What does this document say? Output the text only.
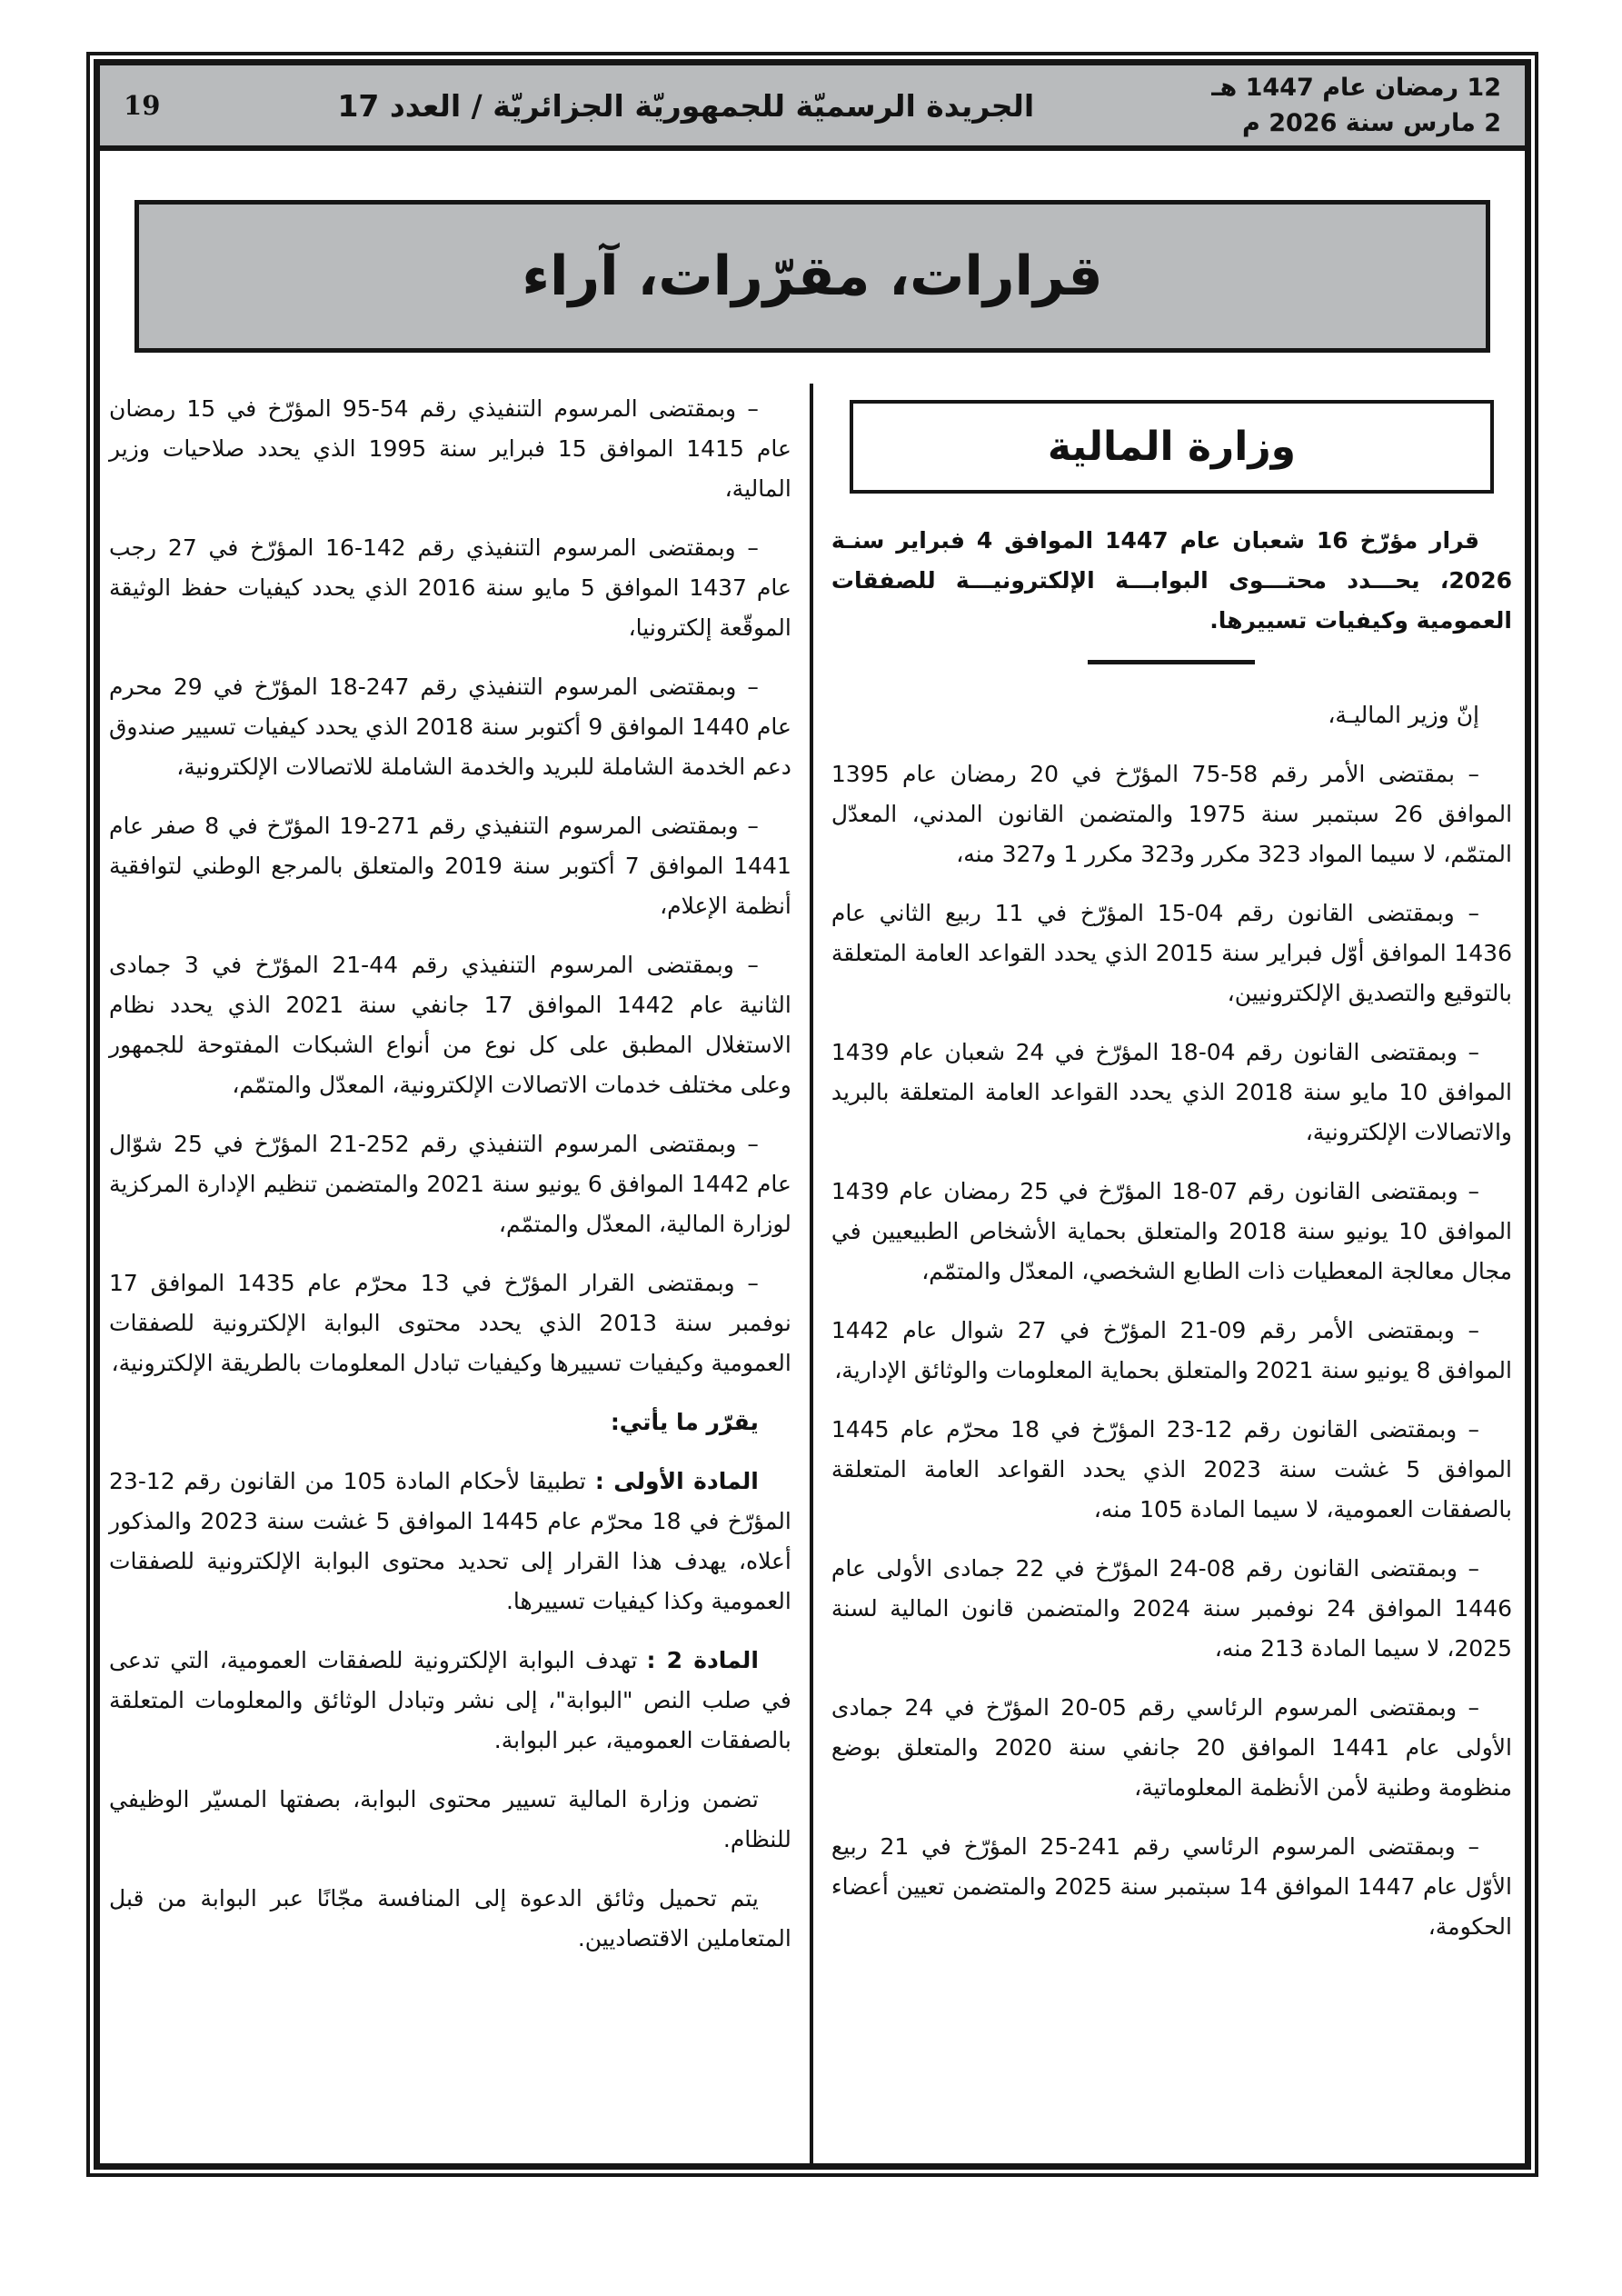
12 رمضان عام 1447 هـ
2 مارس سنة 2026 م
الجريدة الرسميّة للجمهوريّة الجزائريّة / العدد 17
19
قرارات، مقرّرات، آراء
وزارة المالية

قرار مؤرّخ 16 شعبان عام 1447 الموافق 4 فبراير سنـة 2026، يحـــدد محتـــوى البوابـــة الإلكترونيـــة للصفقات العمومية وكيفيات تسييرها.

إنّ وزير الماليـة،

– بمقتضى الأمر رقم 58-75 المؤرّخ في 20 رمضان عام 1395 الموافق 26 سبتمبر سنة 1975 والمتضمن القانون المدني، المعدّل المتمّم، لا سيما المواد 323 مكرر و323 مكرر 1 و327 منه،

– وبمقتضى القانون رقم 04-15 المؤرّخ في 11 ربيع الثاني عام 1436 الموافق أوّل فبراير سنة 2015 الذي يحدد القواعد العامة المتعلقة بالتوقيع والتصديق الإلكترونيين،

– وبمقتضى القانون رقم 04-18 المؤرّخ في 24 شعبان عام 1439 الموافق 10 مايو سنة 2018 الذي يحدد القواعد العامة المتعلقة بالبريد والاتصالات الإلكترونية،

– وبمقتضى القانون رقم 07-18 المؤرّخ في 25 رمضان عام 1439 الموافق 10 يونيو سنة 2018 والمتعلق بحماية الأشخاص الطبيعيين في مجال معالجة المعطيات ذات الطابع الشخصي، المعدّل والمتمّم،

– وبمقتضى الأمر رقم 09-21 المؤرّخ في 27 شوال عام 1442 الموافق 8 يونيو سنة 2021 والمتعلق بحماية المعلومات والوثائق الإدارية،

– وبمقتضى القانون رقم 12-23 المؤرّخ في 18 محرّم عام 1445 الموافق 5 غشت سنة 2023 الذي يحدد القواعد العامة المتعلقة بالصفقات العمومية، لا سيما المادة 105 منه،

– وبمقتضى القانون رقم 08-24 المؤرّخ في 22 جمادى الأولى عام 1446 الموافق 24 نوفمبر سنة 2024 والمتضمن قانون المالية لسنة 2025، لا سيما المادة 213 منه،

– وبمقتضى المرسوم الرئاسي رقم 05-20 المؤرّخ في 24 جمادى الأولى عام 1441 الموافق 20 جانفي سنة 2020 والمتعلق بوضع منظومة وطنية لأمن الأنظمة المعلوماتية،

– وبمقتضى المرسوم الرئاسي رقم 241-25 المؤرّخ في 21 ربيع الأوّل عام 1447 الموافق 14 سبتمبر سنة 2025 والمتضمن تعيين أعضاء الحكومة،

– وبمقتضى المرسوم التنفيذي رقم 54-95 المؤرّخ في 15 رمضان عام 1415 الموافق 15 فبراير سنة 1995 الذي يحدد صلاحيات وزير المالية،

– وبمقتضى المرسوم التنفيذي رقم 142-16 المؤرّخ في 27 رجب عام 1437 الموافق 5 مايو سنة 2016 الذي يحدد كيفيات حفظ الوثيقة الموقّعة إلكترونيا،

– وبمقتضى المرسوم التنفيذي رقم 247-18 المؤرّخ في 29 محرم عام 1440 الموافق 9 أكتوبر سنة 2018 الذي يحدد كيفيات تسيير صندوق دعم الخدمة الشاملة للبريد والخدمة الشاملة للاتصالات الإلكترونية،

– وبمقتضى المرسوم التنفيذي رقم 271-19 المؤرّخ في 8 صفر عام 1441 الموافق 7 أكتوبر سنة 2019 والمتعلق بالمرجع الوطني لتوافقية أنظمة الإعلام،

– وبمقتضى المرسوم التنفيذي رقم 44-21 المؤرّخ في 3 جمادى الثانية عام 1442 الموافق 17 جانفي سنة 2021 الذي يحدد نظام الاستغلال المطبق على كل نوع من أنواع الشبكات المفتوحة للجمهور وعلى مختلف خدمات الاتصالات الإلكترونية، المعدّل والمتمّم،

– وبمقتضى المرسوم التنفيذي رقم 252-21 المؤرّخ في 25 شوّال عام 1442 الموافق 6 يونيو سنة 2021 والمتضمن تنظيم الإدارة المركزية لوزارة المالية، المعدّل والمتمّم،

– وبمقتضى القرار المؤرّخ في 13 محرّم عام 1435 الموافق 17 نوفمبر سنة 2013 الذي يحدد محتوى البوابة الإلكترونية للصفقات العمومية وكيفيات تسييرها وكيفيات تبادل المعلومات بالطريقة الإلكترونية،

يقرّر ما يأتي:

المادة الأولى :تطبيقا لأحكام المادة 105 من القانون رقم 12-23 المؤرّخ في 18 محرّم عام 1445 الموافق 5 غشت سنة 2023 والمذكور أعلاه، يهدف هذا القرار إلى تحديد محتوى البوابة الإلكترونية للصفقات العمومية وكذا كيفيات تسييرها.

المادة 2 :تهدف البوابة الإلكترونية للصفقات العمومية، التي تدعى في صلب النص "البوابة"، إلى نشر وتبادل الوثائق والمعلومات المتعلقة بالصفقات العمومية، عبر البوابة.

تضمن وزارة المالية تسيير محتوى البوابة، بصفتها المسيّر الوظيفي للنظام.

يتم تحميل وثائق الدعوة إلى المنافسة مجّانًا عبر البوابة من قبل المتعاملين الاقتصاديين.
